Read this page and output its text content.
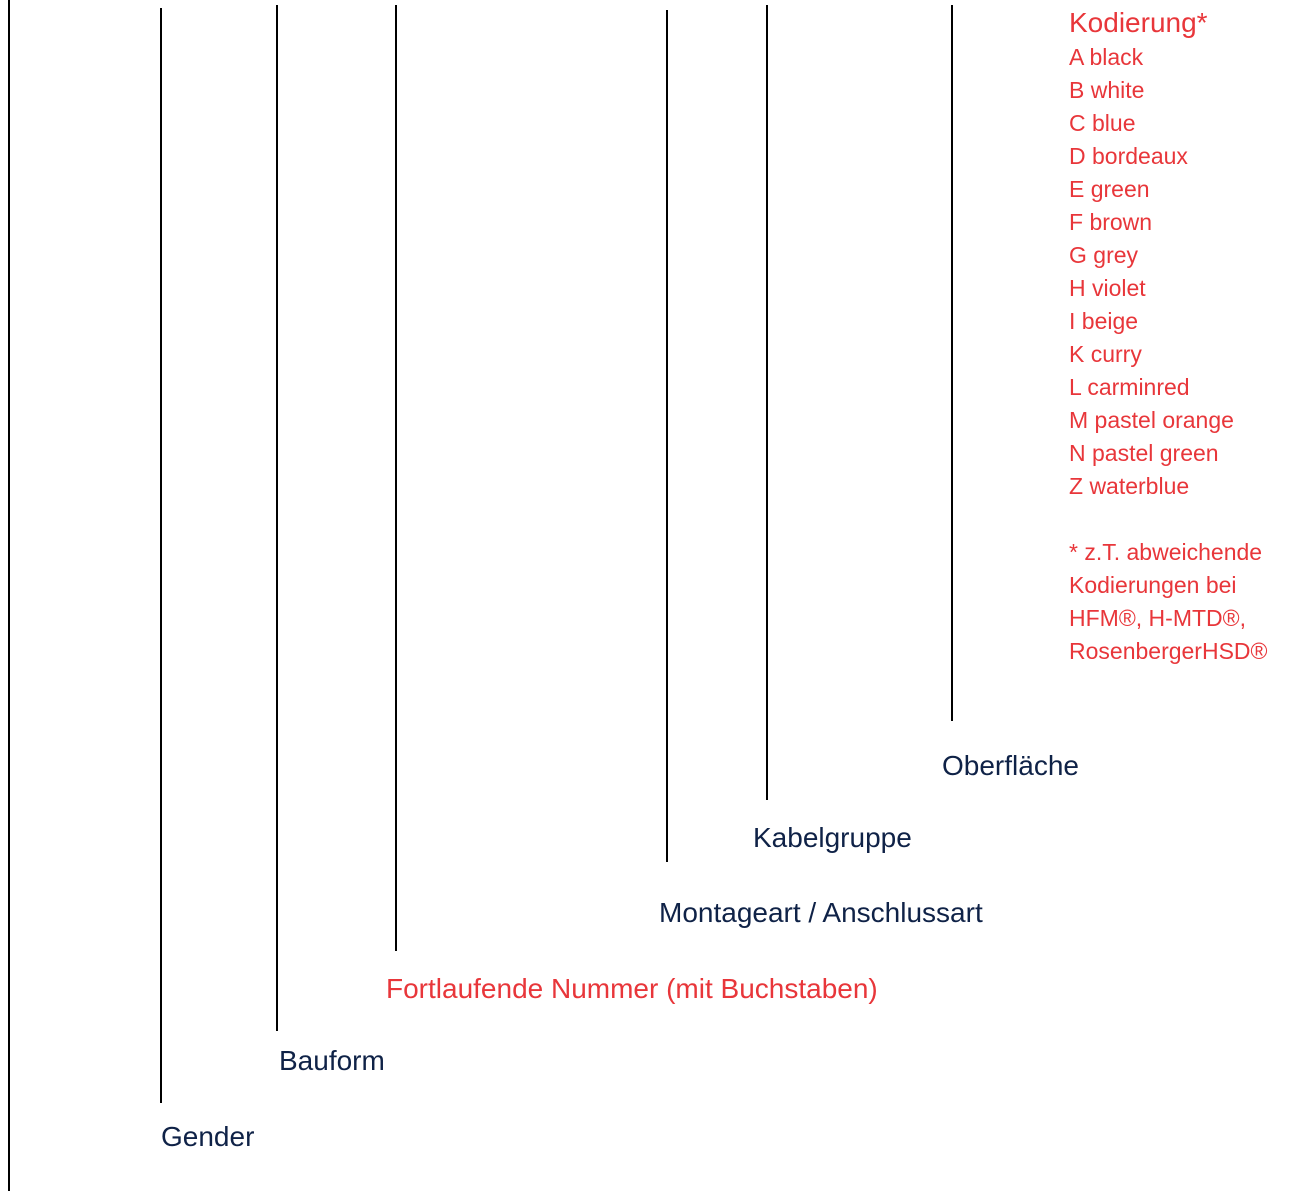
Gender
Bauform
Fortlaufende Nummer (mit Buchstaben)
Montageart / Anschlussart
Kabelgruppe
Oberfläche
Kodierung*
A black
B white
C blue
D bordeaux
E green
F brown
G grey
H violet
I beige
K curry
L carminred
M pastel orange
N pastel green
Z waterblue
* z.T. abweichende
Kodierungen bei
HFM®, H-MTD®,
RosenbergerHSD®
